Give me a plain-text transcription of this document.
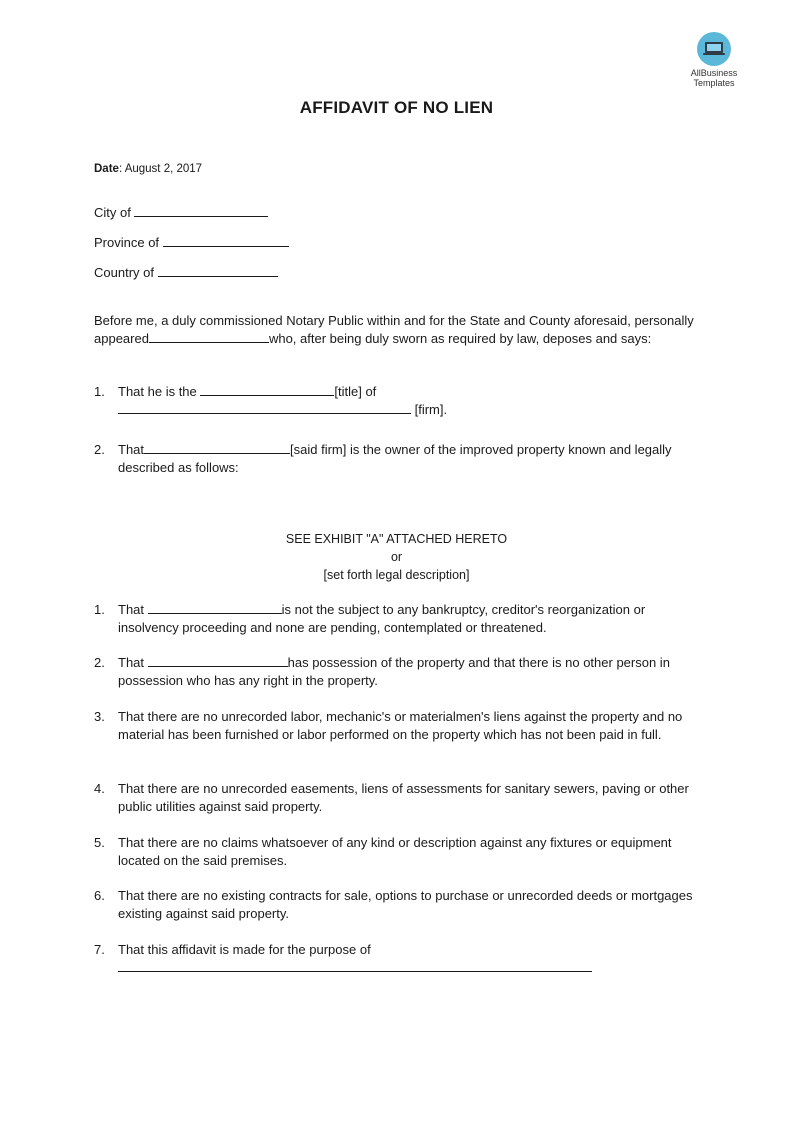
AllBusiness
Templates
AFFIDAVIT OF NO LIEN
Date: August 2, 2017
City of
Province of
Country of
Before me, a duly commissioned Notary Public within and for the State and County aforesaid, personally appeared	who, after being duly sworn as required by law, deposes and says:
1. That he is the	[title] of
[firm].
2. That	[said firm] is the owner of the improved property known and legally described as follows:
SEE EXHIBIT "A" ATTACHED HERETO
or
[set forth legal description]
1. That	is not the subject to any bankruptcy, creditor's reorganization or insolvency proceeding and none are pending, contemplated or threatened.
2. That	has possession of the property and that there is no other person in possession who has any right in the property.
3. That there are no unrecorded labor, mechanic's or materialmen's liens against the property and no material has been furnished or labor performed on the property which has not been paid in full.
4. That there are no unrecorded easements, liens of assessments for sanitary sewers, paving or other public utilities against said property.
5. That there are no claims whatsoever of any kind or description against any fixtures or equipment located on the said premises.
6. That there are no existing contracts for sale, options to purchase or unrecorded deeds or mortgages existing against said property.
7. That this affidavit is made for the purpose of
